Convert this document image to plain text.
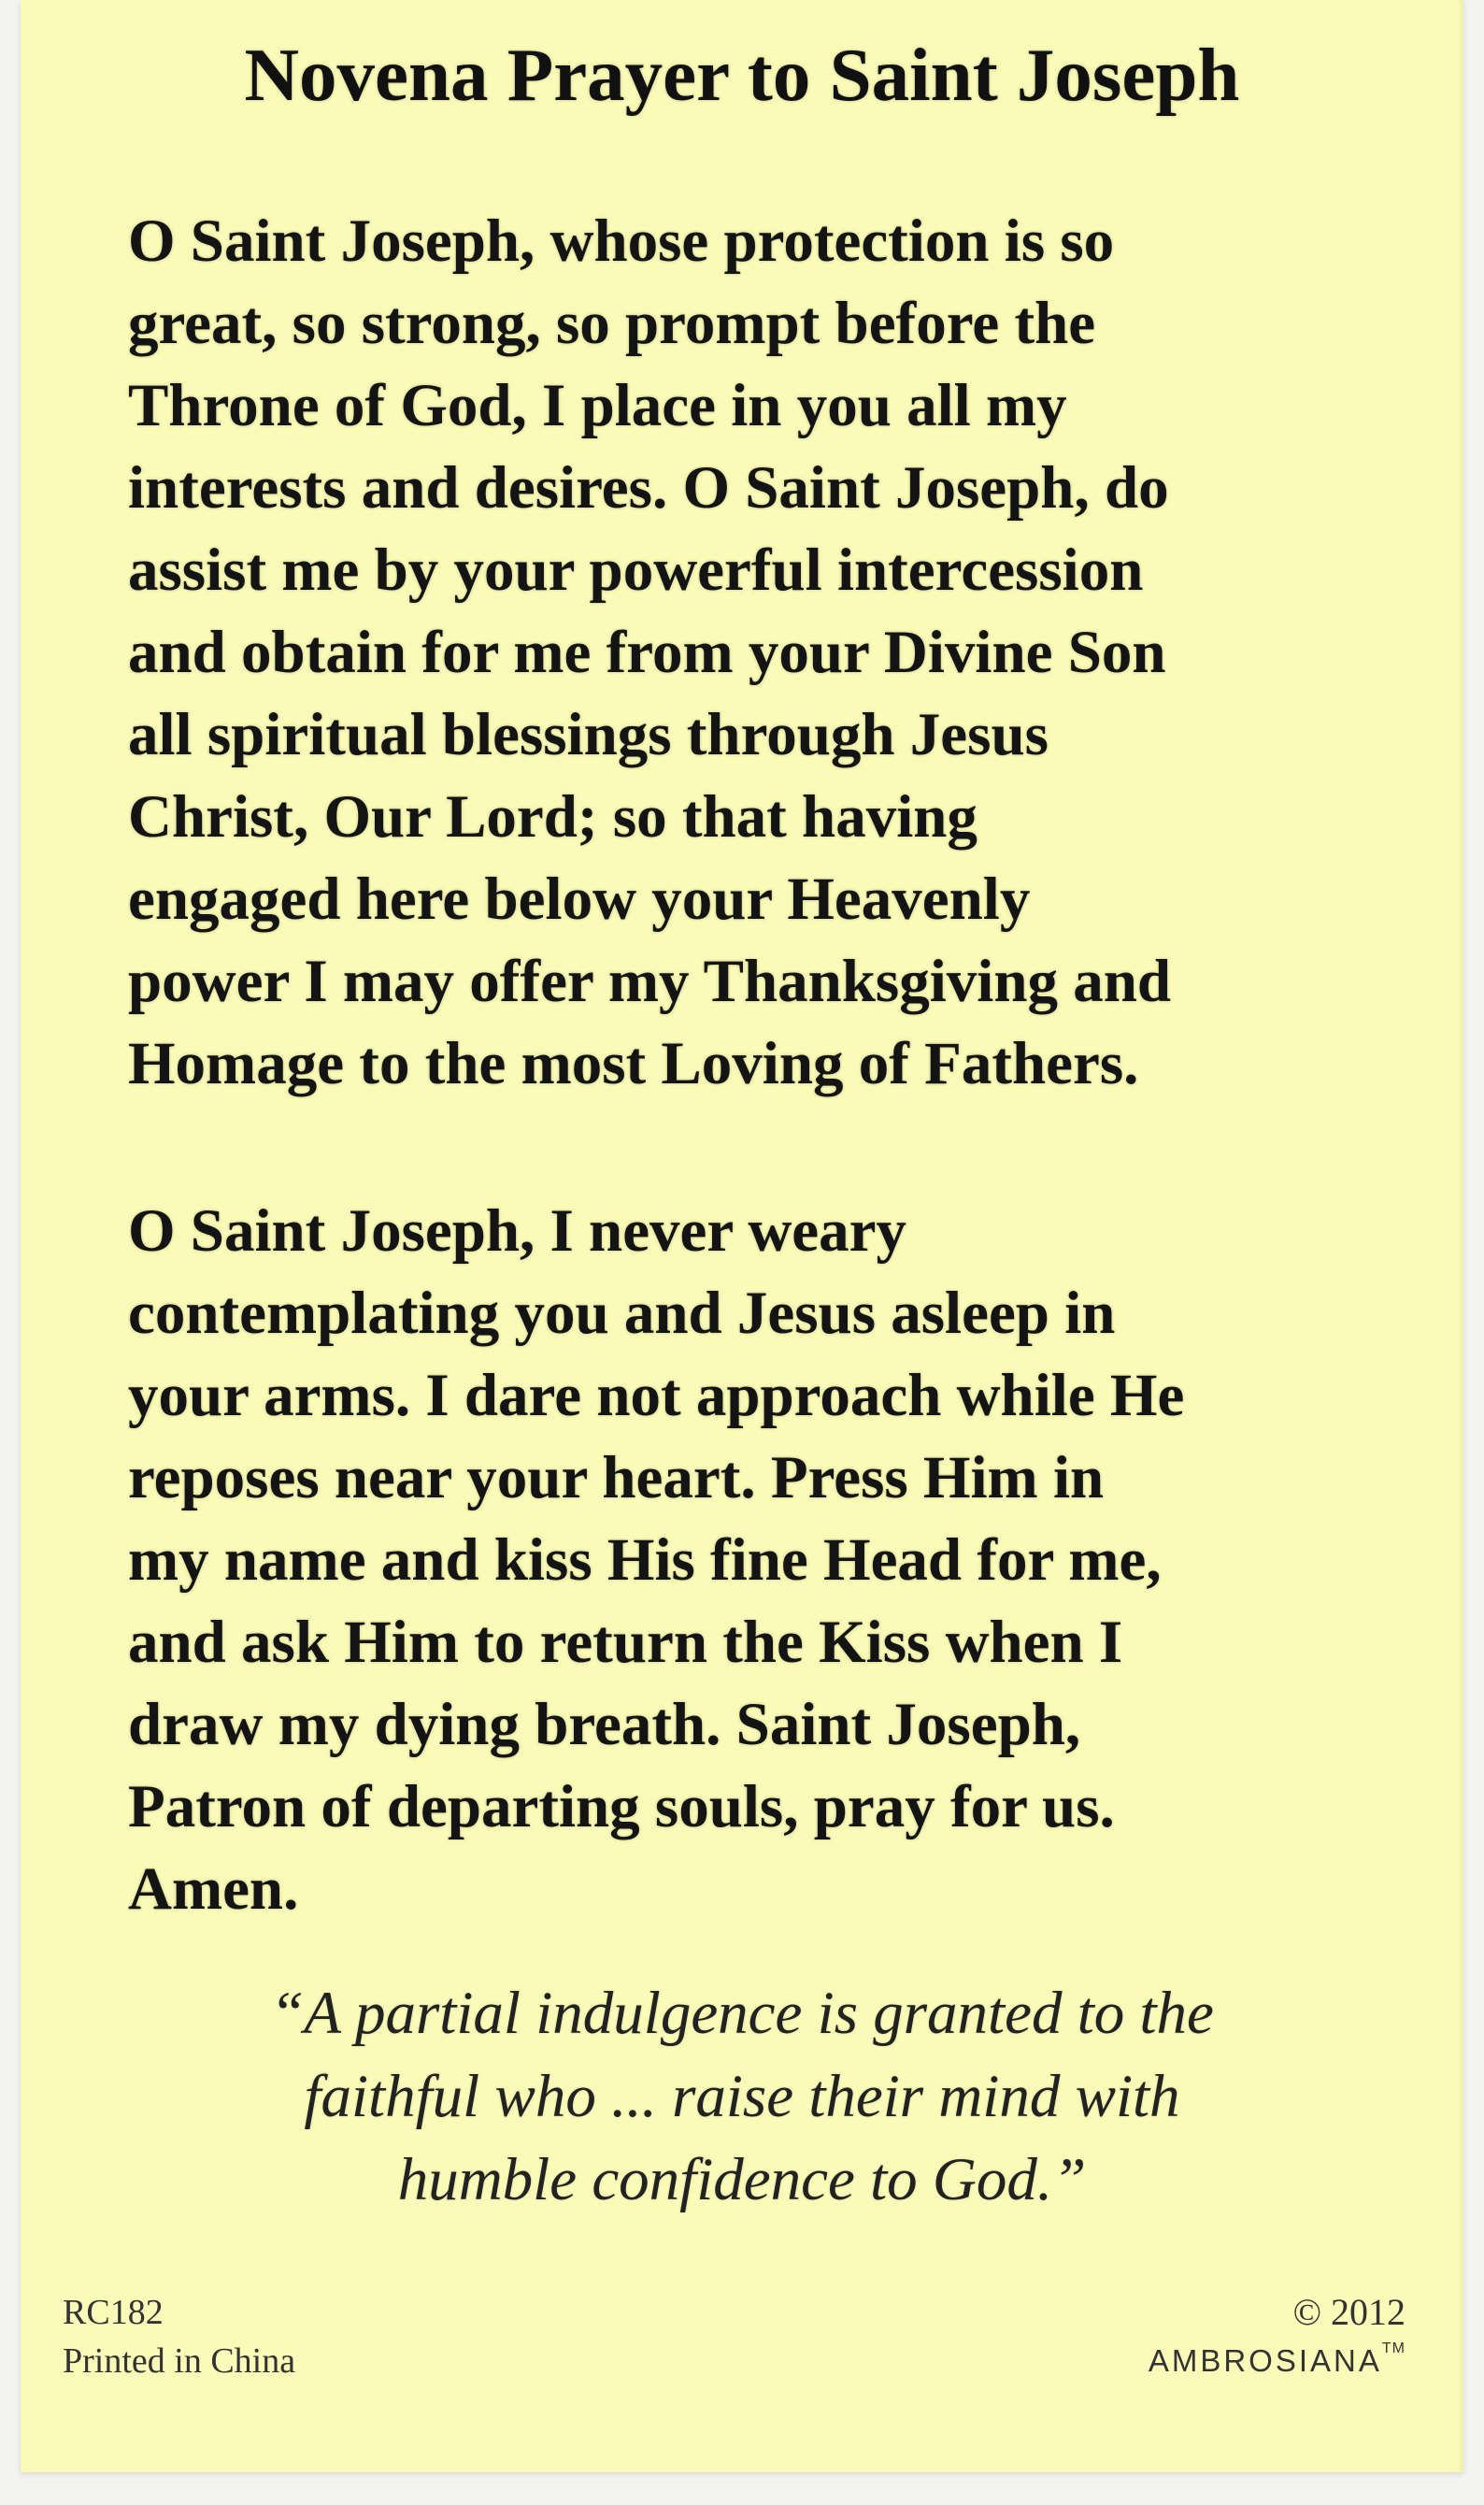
Novena Prayer to Saint Joseph
O Saint Joseph, whose protection is so
great, so strong, so prompt before the
Throne of God, I place in you all my
interests and desires. O Saint Joseph, do
assist me by your powerful intercession
and obtain for me from your Divine Son
all spiritual blessings through Jesus
Christ, Our Lord; so that having
engaged here below your Heavenly
power I may offer my Thanksgiving and
Homage to the most Loving of Fathers.
O Saint Joseph, I never weary
contemplating you and Jesus asleep in
your arms. I dare not approach while He
reposes near your heart. Press Him in
my name and kiss His fine Head for me,
and ask Him to return the Kiss when I
draw my dying breath. Saint Joseph,
Patron of departing souls, pray for us.
Amen.
“A partial indulgence is granted to the
faithful who ... raise their mind with
humble confidence to God.”
RC182
Printed in China
© 2012
AMBROSIANATM
